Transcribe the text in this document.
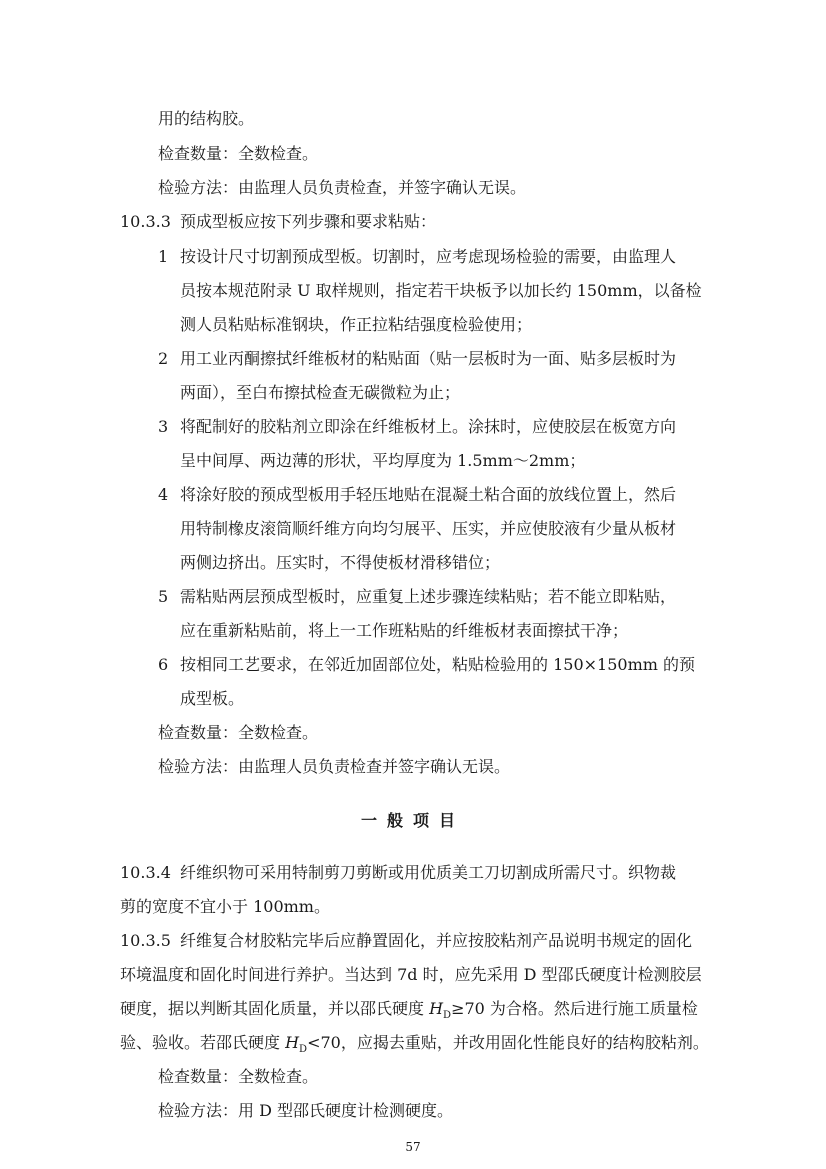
用的结构胶。
检查数量：全数检查。
检验方法：由监理人员负责检查，并签字确认无误。
10.3.3 预成型板应按下列步骤和要求粘贴：
1 按设计尺寸切割预成型板。切割时，应考虑现场检验的需要，由监理人
员按本规范附录 U 取样规则，指定若干块板予以加长约 150mm，以备检
测人员粘贴标准钢块，作正拉粘结强度检验使用；
2 用工业丙酮擦拭纤维板材的粘贴面（贴一层板时为一面、贴多层板时为
两面），至白布擦拭检查无碳微粒为止；
3 将配制好的胶粘剂立即涂在纤维板材上。涂抹时，应使胶层在板宽方向
呈中间厚、两边薄的形状，平均厚度为 1.5mm～2mm；
4 将涂好胶的预成型板用手轻压地贴在混凝土粘合面的放线位置上，然后
用特制橡皮滚筒顺纤维方向均匀展平、压实，并应使胶液有少量从板材
两侧边挤出。压实时，不得使板材滑移错位；
5 需粘贴两层预成型板时，应重复上述步骤连续粘贴；若不能立即粘贴，
应在重新粘贴前，将上一工作班粘贴的纤维板材表面擦拭干净；
6 按相同工艺要求，在邻近加固部位处，粘贴检验用的 150×150mm 的预
成型板。
检查数量：全数检查。
检验方法：由监理人员负责检查并签字确认无误。
一般项目
10.3.4 纤维织物可采用特制剪刀剪断或用优质美工刀切割成所需尺寸。织物裁
剪的宽度不宜小于 100mm。
10.3.5 纤维复合材胶粘完毕后应静置固化，并应按胶粘剂产品说明书规定的固化
环境温度和固化时间进行养护。当达到 7d 时，应先采用 D 型邵氏硬度计检测胶层
硬度，据以判断其固化质量，并以邵氏硬度 $H_D\ge 70$ 为合格。然后进行施工质量检
验、验收。若邵氏硬度 $H_D<70$，应揭去重贴，并改用固化性能良好的结构胶粘剂。
检查数量：全数检查。
检验方法：用 D 型邵氏硬度计检测硬度。
57
